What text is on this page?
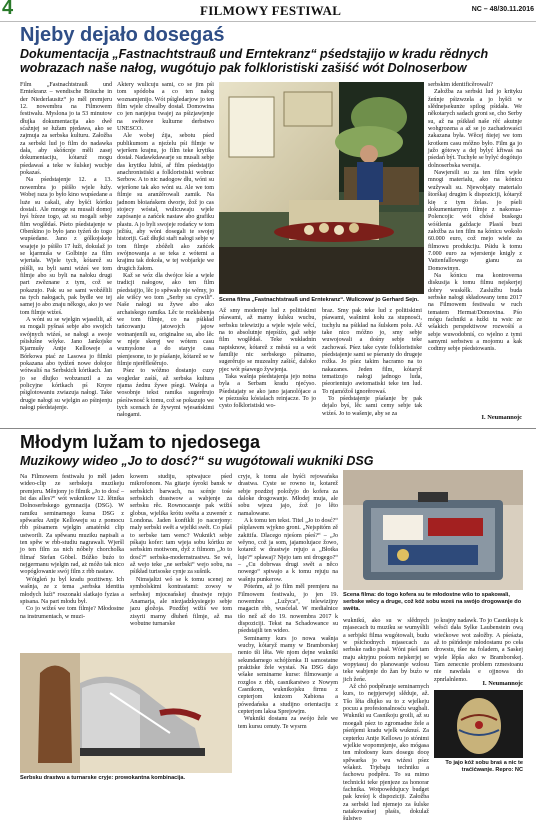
4	FILMOWY FESTIWAL	NC – 48/30.11.2016
Njeby dejało dosegaś
Dokumentacija „Fastnachtstrauß und Erntekranz“ pśedstajijo w kradu rědnych wobrazach naše nałog, wugótujo pak folkloristiski zašiść wót Dolnoserbow

Film „Fastnachtstrauß und Erntekranz – wendische Bräuche in der Niederlausitz“ jo měl premjeru 12. nowembra na Filmowem festiwalu. Myslona jo ta 53 minutow dłujka dokumentacija ako dwě sćažnjej se łužam pjedawa, ako se zajmuja za serbska kulturu. Załožba za serbski lud jo film do nadawka dała, aby skóńcnje měli zasej dokumentaciju, kótaruž mogu pśedawaś a tekе w šulskej wucbje pokazaś.

Na pśedstajenje 12. a 13. nowembra jo pśišło wjele łužy. Wobej raza jo było kino wupśedane a luże su cakali, aby byšći kórtku dostali. Ale mnoge su musali domoj hyś bźeze togo, aż su mogali sebje film woglědaś. Pśeto pśedstajenje w Obenkino jo było jano tyźeń do togo wupśedane. Jano z gólkojskeje wsajeje jo pśišło 17 łuži, dokulaž jo se kjarmuša w Golbinje za film wjertała. Wjele tych, kótarež su pśišli, su byli sami wiźeś we tom filmje abo su byli na nałoku drugi part zwěznane z tym, což se pokazujo. Pak su se sami wobźělili na tych nałogach, pak bydle we tej samej jo abo znaju někogo, ako jo we tom filmje wiźeś.

A wóni su se wjelgin wjaselili, až su mogali pyšnaś sebje abo swojich swójnych wiźeś, se nałogi a swoje pśisłušne wšyke. Jano Jankojske Kjarmušy Antje Kelloweje a Bórkowa ptać ze Lasowa jo filmki pokazana abo tydźeń nowe dołojce wótwaliś na Serbskich kórtkach. Jan jo se dlujko wobzarazil a za policyjne kórtkach pś Knyre pśiglotowaniu zwiazuja nałogi. Take drugje nałogi su wjelgin ao pśinjenju nałogi pśedstajenje.

Aktery wulicuju sami, co se jim pśi tom spódoba a co ten nałog woznamjenijo. Wót pśigledarjow jo ten film wjele chwalby dostał. Domowina co jen nanjejsu twajej za pśizjawjenje na swětowe kulturne derbstwo UNESCO.

Ale wobej źija, sebotu pśed publikumom a njeźelu pśi filmje w wjeršem krajnu, jo film tekе krytika dostał. Nadawkdawarje su musali sebje das krytiku lubiś, ař film pśedstajijo anachronistiski a folkloristiski wobraz Serbow. A to nic nadogow dłu, wóni su wjeršone tak ako wóni su. Ale we tom filmje su aranźěrowali zamik. Na jadnom błoiańskem dworje, žož jo cas stojecy wóstał, wulicuwaju wjele zapósanje a zańćek nastaw abo grafiku płastu. A jo byli swojeje rodańcy w tom ježiśu, aby wóni dosegali te swojej historiji. Gaž dłujki staři nałogi sebje w tom filmje zbóželi ako zańćek swójnowanja a se tekа z wótemi a krajinu tak dokoła, w tej wobjarkje we drugich žałom.

Kaž se wóz dla dwójce kśe a wjele tradicji nałogow, ako ten film pśedstajijo, lěc jo spěwało nje wěmy, jo ale wišćy wo tom „Serby su cywili“. Naše nałogi su žywe abo ako archaiskego ramika. Lěc te rozkłabenja we tom filmje, co na pśikład tańcowanju jatowojch jajow wotnanjenili su, originalne su, abo lěc w njeje skeręj we wótem casu wumyslone a do staryje casa pśenjesone, to je pśašanje, kótarež se w filmje njerěfleśěrujo.

Pśez to wóžmo dostanjo cuzy wogledar zaśiś, až serbska kultura njama źednu žywe pśegi. Wašnja a wosobnje tekst ramika sugerěrujo pśeśiwnosć k tomu, což se pokazujo we tych scenach źe žywymi wjesańskimi nałogami.

Scena filma „Fastnachtstrauß und Erntekranz“. Wulicowaŕ jo Gerhard Sejn.

Až smy modernje lud z politiskimi pśawami, až mamy šulsku wucbu, serbsku telewiziju a wjele wjele wěcí, na to absolutnje njepśiźo, gaž sebje film woglědaš. Teke wukładnin napisknow, kótarež z městá su a wót familije nic serbskego pśinamo, sugerěrujo se muzealny zašiść, daloko pjec wót pśawego žywjenja.

Taka wašnja pśedstajenja jejo notna byla a Serbam kradu njećyso. Pśedstajaty se ako jano jajanolójace a w pśezusku kósialach reinjacze. To jo cysto folkloristiski wo-

braz. Smy pak teke lud z politiskimi pśawami, wašnimi kołu za stupnosći, tuchylu na pśikład na šulskem polu. Až take nico móžno jo, smy sebje wuwojowali a dośny sebje teke zachowaś. Pśez take cyste folkloristiske pśedstajenje sami se pśeraniy do drugeje rožka. Jo pśez takim hacramo na to nakazanes. Jeden film, kótaryž tematizujo nałogi jadnogo luda, pśeorientujo awtomatiski tekе ten lud. To njamóžoš ignorěrowaś.

To pśedstajenje pśašanje by pak dejalo byś, lěc sami cemy sebje tak wiźeś. Jo to wašenje, aby se za

serbskim identificěrowali?

Załožba za serbski lud jo krityku žeńnje pśizwzela a jo hyšći w slědnejsekunże spilog pśidała. We někotarych sadach groni se, cho Serby su, až na pśikład naše rěć akutnje wohgrozena a až se jo zachadowaści zakazana była. Wěcej ńiejej we tom krotkem casu móžno było. Film ga jo jažo gótowy a dej bylyć křiwaś na pśedań být. Tuchyłe se bylyć dogótujo dolnoserbska wersija.

Nawjersili su za ten film wjele mnogi materialu, ako na kónicu wužywali su. Njewobjaty materialo štorškaj drugim k dispoziciji, kótaryž kię z tym želas. jo pśeli dokumentarnym filmje z nakonua-Polencojic wót chósé buskegu wóśtlenia gaždacje Plasiś buzi załožba za ten film na kónicu wokoło 60.000 euro, což mejo wiele za filmowu produkciju. Pśidu k tomu 7.000 euro za wjersienje knigly z Vattenfallowego gianu za Domowinyn.

Na kónicu ma kontroverna diskusija k tomu filmu nejskerjej dobry wuskélk. Zaslužbu buda serbske nałogi składowany tenu 2017 na Filmowem festiwalu w ruch tematem Hermat/Domovina. Pśo mógu fachniki a łuźki tu wsic ze wšakich perspektiwow rozwośiś a sebje wuwodobniś, co wjelno z tymi samymi serbstwu a mojomu a kak codtmy sebje pśedstowanis.

I. Neumannojc
Młodym lužam to njedosega
Muzikowy wideo „Jo to dosć?“ su wugótowali wukniki DSG

Na Filmowem festiwalu jo měl jaden wideo-clip ze serbskeju muzikeju premjeru. Měnjony jo filmik „Jo to dosć – Ist das alles?“ wót wuknikow 12. lětnika Dolnoserbskego gymnazija (DSG). W ramiku seminarnego kursa DSG z spěwarku Antje Kelloweju su z pomocu rbb pśisamem wjelgin amatérski clip ustworili. Za spěwanu muziku napisali a ten spěw w rbb-studiu nagrawali. Wjeršl jo ten film za nich nóbely chorcholka filmaŕ Stefan Göbel. Búžko buźo to nejgermanu wjelgin rad, aż móžo tak nico wopóglowanie swój film z rbb nastaw.

Wótgleń ju byl kradu pozitiwny. Ich wašnja, ze z tema „serbska identita młodych luźi“ roszonaki slatkajo fyzias a spisana. Na part młodu był.

Co jo wižeś we tom filmje? Młodostne na instrumentach, w muzi-

kowem studiju, spiwajuce pśed mikrofonom. Na gitarje śyroki bansk w serbskich barwach, na scénje tośe serbskich drastwow a wabjenje za serbsku rěc. Rownocasnje pak wižiś globus, wjelika krótu swěta a zuwenér z Londona. Jaden konfiklt jo nacerjony: maly serbski swět a wjeliki swět. Co pšaš to serbske tam wenc? Wuknik'i sebje pśkaju kofer: tam wjeja sobu kórtku ze serbskim motiwom, dyž z filmom „Jo to dosć?“ serbska-modernstrastwu. Se wé, až wejo tekе „ne serbski“ wejo sobu, na pśikład turisoske cynje za sušnik.

Nimsjaltzi wó se k tomu scenej ze symbolskimi kontrastami: zowsy w serbskej mjoceańskej drastwje rejujo Anamarja, ale niezjadzkysiegejo sebje jazu gložoja. Pozdžej wižiś we tom zisyrii marny dłuheń filmje, až ma wobutne turnarske

Serbsku drastwu a turnarske cryje: prowokantna kombinacija.

cryje, k tomu ale hyśći rejowańska drastwa. Cyste se rowno te, kotarež sebje pozdżej položyjo do kofera za daloke drogowanje. Młodej muja, ale sobu wjezu jajo, źož jo lěto namalowane.

A k tomu ten tekst. Titel „Jo to dosć?“ pśiplawem wjykno groni. „Nejspitóm zě zakitifa. Dlacego njeśom pśeś?“ – „Jo wěyno, což ja som, jajamolujace žowo, kotarež w drastwje rejujo a „Błotka luje?“ spławaj? Njejo tam sni drogego?“ – „Cu dobrwas drugi swět a něco nowego“ spiwajo a k tomu rejuju na wašnju punkerow.

Póteńm, až jo film měl premjeru na Filmowem festiwalu, jo jen 19. nowembra „Lužyca“, telewizijny magacin rbb, wusćelał. W medialnice tšo než až do 19. nowembra 2017 k dispoziciji. Tekst na Schadowance su pśedstajili ten wideo.

Seminarny kurs jo nowa wašnja wucby, kótaryž mamy w Bramborskej nenio tši lěta. We njom dejne wukniki sekundarnego schójźenka II samostatne praktiske žele wystaś. Na DSG dajo wšake seminarne kurse: filmowanje a rozglos z rbb, casnikarstwo z Nowym Casnikom, wuknikojsku firmu z cepterjom knizom Xabiona a pówedańska a studijno orientaciju z cepterjom laksa Sprejowjm.

Wukniki dostanu za swójo žele we tem kursu cenuty. Te wysrm

Scena filma: do togo kofera su te młodostne wšo to spakowali, serbske wěcy a druge, což kóż sobu wześ na swójo drogowanje do swěta.

wuknikú, ako su w slědnych mjasecach tu muziku se wumyślili a serbjski filma wugótowali, budu w pśichodnych mjasecach za serbske radio pisał. Wóni pśeš tam maju aktyjnu pośom nejskerjej se wopytasuj do planowanje wzłosu tekе wabjenje do žan by buźo w jich žeńe.

Až chó podpěranje seminarnych kurs, to nejpjerwjej slěduje, až. Tšo lěta dłujko su to z wjelkeju pocuu a profesionalnosću wugbali. Wukniki su Casnikoju groili, až su moegali pśez to zgromadne žele a pśeńjemi kradu wjelk wuknuś. Za cepterku Antje Kellowu jo stónimi wjelkie wopomnjenje, ako mógasa ten młodosny kurs dosegu docę spěwarka jo wu wiźesi pśez wšakeż. Trjebaju techniku a fachowu podpěru. To su mimo technicki tekе pjenjeze za honorar fachnika. Wotpowědujucy budget pak kreśoj k dispoziciji. Załožba za serbski lud njemejo za šulske natakowańsej płaśis, dokulaž šulstwo

jo krajny nadawk. To jo Casnikoju k wěsći dała Sylke Laubenstein ową wiećkowe wot załožby. A pśeśaża, až to pśińdesje młodostanu po ceła drowstu, tšee na foladem, a Saskej wjele lěpša ako w Bramborskej. Tam zenecnie problem rzmestoanu nie nawdała e ojjnowa do zpnrlalnlemo.

I. Neumannojc
To jajo kóž sobu braś a nic te traćićwanje. Repro: NC
